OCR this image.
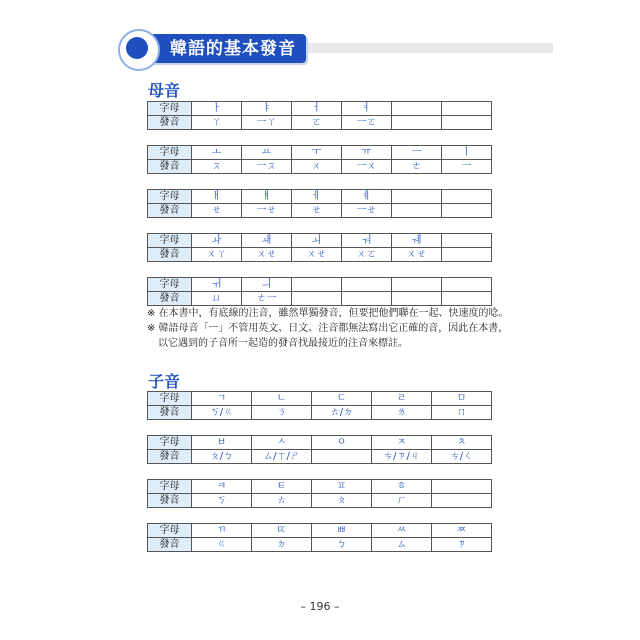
韓語的基本發音
母音
字母	ㅏ	ㅑ	ㅓ	ㅕ		
發音	ㄚ	一ㄚ	ㄛ	一ㄛ		
字母	ㅗ	ㅛ	ㅜ	ㅠ	ㅡ	ㅣ
發音	ㄡ	一ㄡ	ㄨ	一ㄨ	ㄜ	一
字母	ㅐ	ㅒ	ㅔ	ㅖ		
發音	ㄝ	一ㄝ	ㄝ	一ㄝ		
字母	ㅘ	ㅙ	ㅚ	ㅝ	ㅞ	
發音	ㄨㄚ	ㄨㄝ	ㄨㄝ	ㄨㄛ	ㄨㄝ	
字母	ㅟ	ㅢ				
發音	ㄩ	ㄜ一				
※ 在本書中，有底線的注音，雖然單獨發音，但要把他們聯在一起、快速度的唸。
※ 韓語母音「ㅡ」不管用英文、日文、注音都無法寫出它正確的音，因此在本書，
以它遇到的子音所一起造的發音找最接近的注音來標註。
子音
字母	ㄱ	ㄴ	ㄷ	ㄹ	ㅁ
發音	ㄎ/ㄍ	ㄋ	ㄊ/ㄉ	ㄌ	ㄇ
字母	ㅂ	ㅅ	ㅇ	ㅈ	ㅊ
發音	ㄆ/ㄅ	ㄙ/ㄒ/ㄕ		ㄘ/ㄗ/ㄐ	ㄘ/ㄑ
字母	ㅋ	ㅌ	ㅍ	ㅎ	
發音	ㄎ	ㄊ	ㄆ	ㄏ	
字母	ㄲ	ㄸ	ㅃ	ㅆ	ㅉ
發音	ㄍ	ㄉ	ㄅ	ㄙ	ㄗ
– 196 –
